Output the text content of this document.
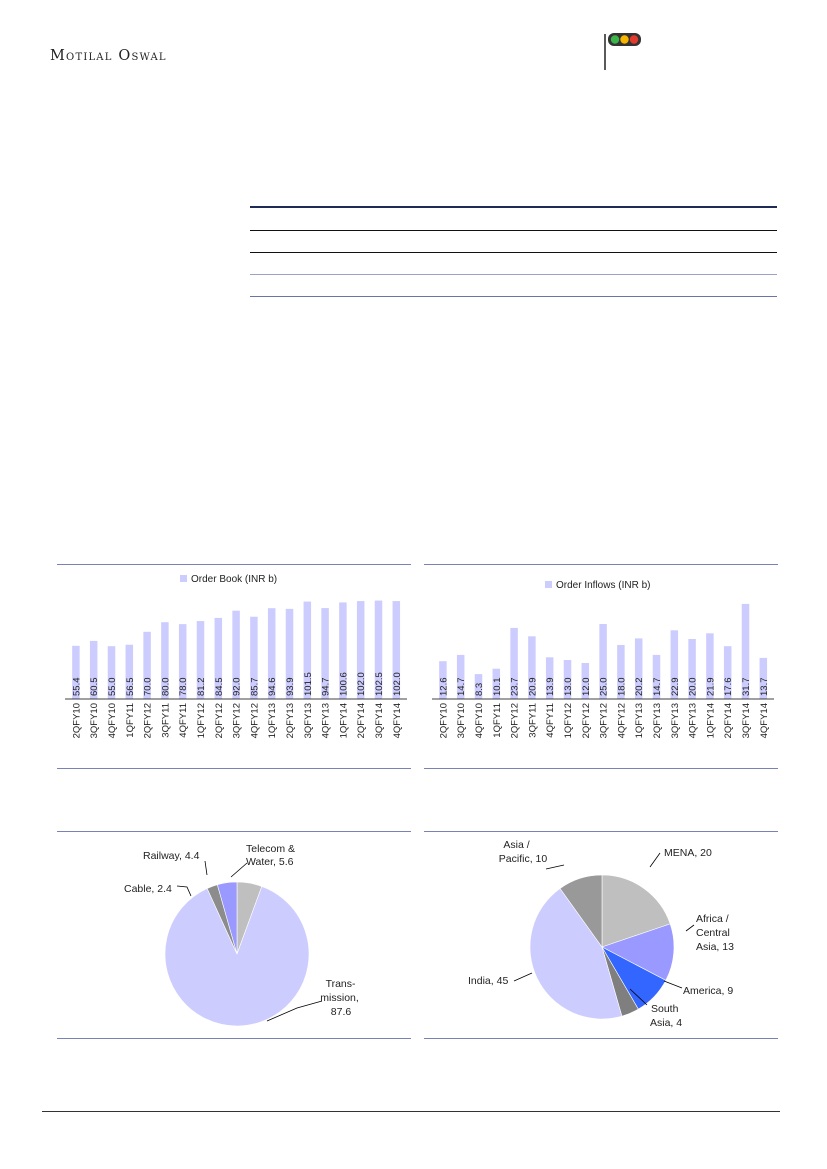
Motilal Oswal
Order Book (INR b)
55.4 60.5 55.0 56.5 70.0 80.0 78.0 81.2 84.5 92.0 85.7 94.6 93.9 101.5 94.7 100.6 102.0 102.5 102.0
2QFY10 3QFY10 4QFY10 1QFY11 2QFY12 3QFY11 4QFY11 1QFY12 2QFY12 3QFY12 4QFY12 1QFY13 2QFY13 3QFY13 4QFY13 1QFY14 2QFY14 3QFY14 4QFY14
Order Inflows (INR b)
12.6 14.7 8.3 10.1 23.7 20.9 13.9 13.0 12.0 25.0 18.0 20.2 14.7 22.9 20.0 21.9 17.6 31.7 13.7
2QFY10 3QFY10 4QFY10 1QFY11 2QFY12 3QFY11 4QFY11 1QFY12 2QFY12 3QFY12 4QFY12 1QFY13 2QFY13 3QFY13 4QFY13 1QFY14 2QFY14 3QFY14 4QFY14
Railway, 4.4
Telecom & Water, 5.6
Cable, 2.4
Trans- mission, 87.6
Asia / Pacific, 10	MENA, 20
Africa / Central Asia, 13
America, 9
South Asia, 4
India, 45
